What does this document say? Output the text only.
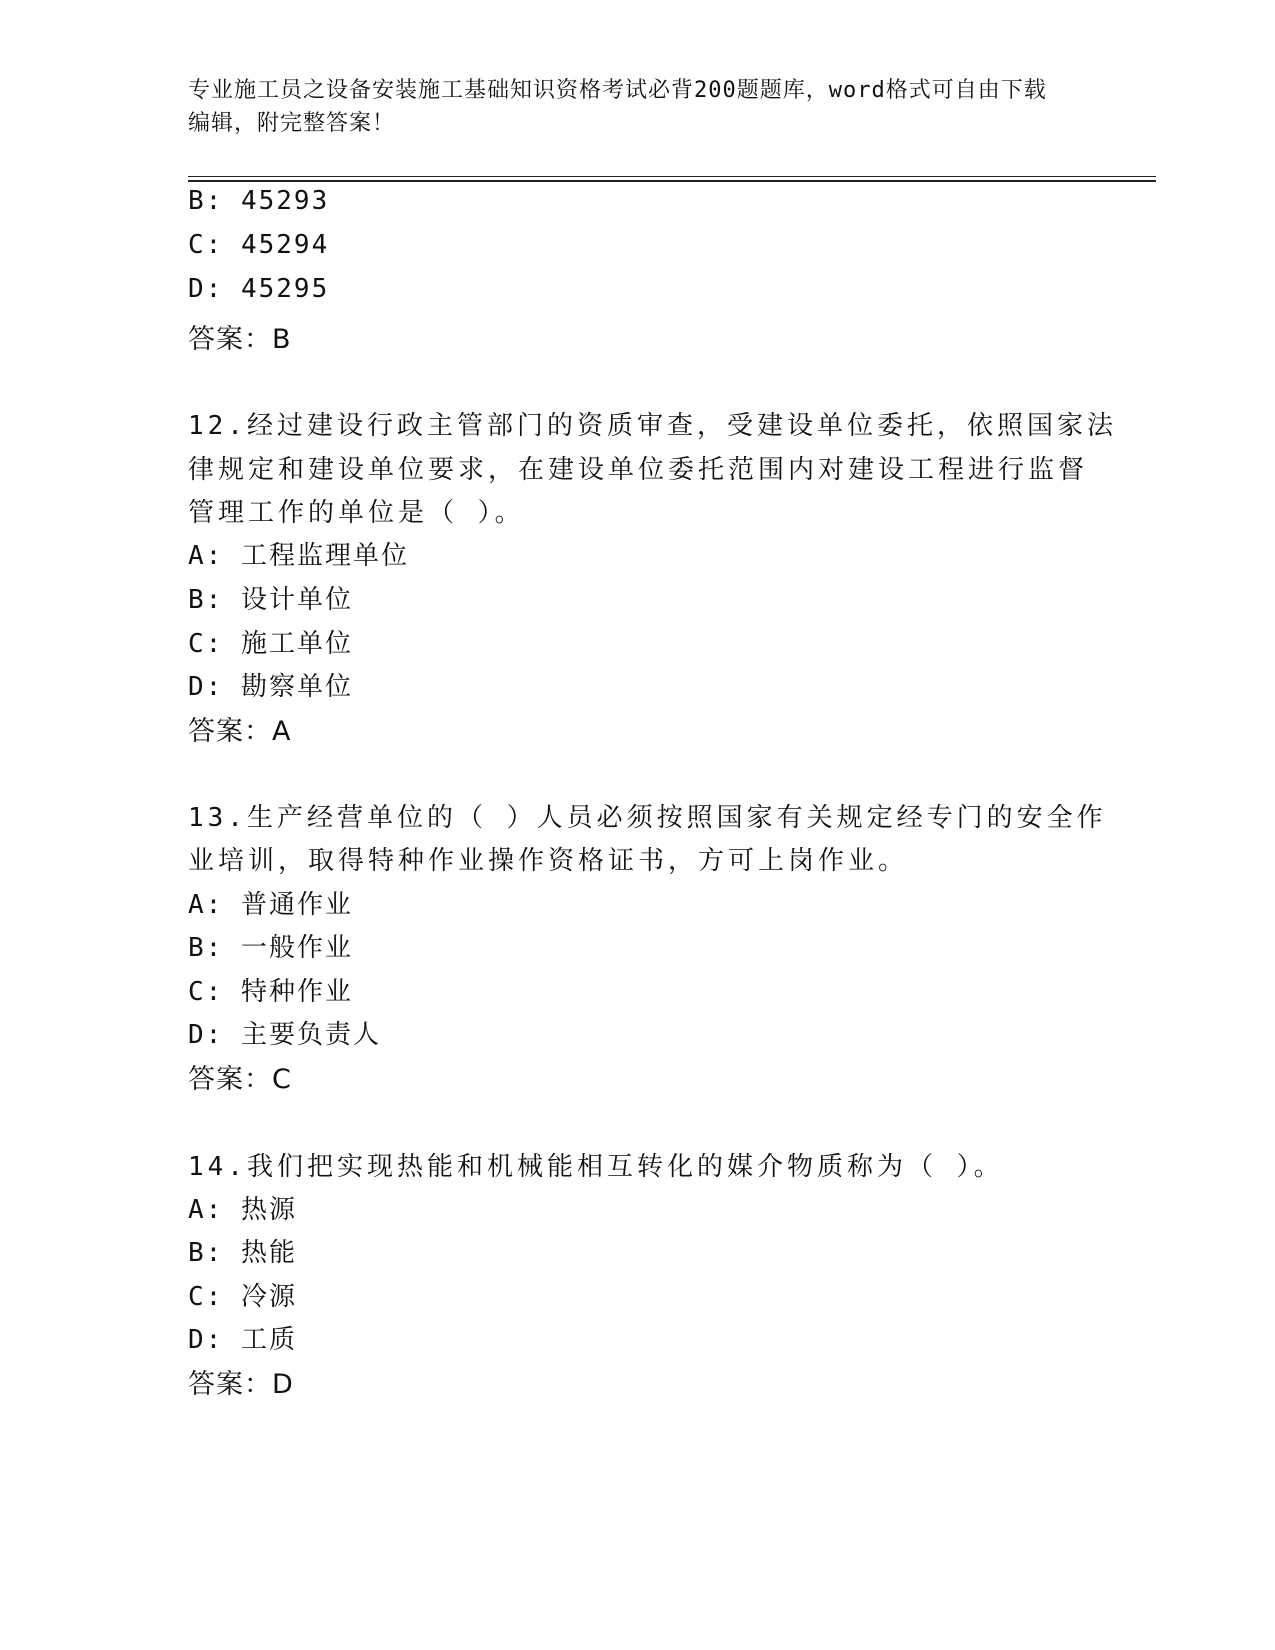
专业施工员之设备安装施工基础知识资格考试必背200题题库，word格式可自由下载编辑，附完整答案！
B: 45293
C: 45294
D: 45295
答案：B
12.经过建设行政主管部门的资质审查，受建设单位委托，依照国家法
律规定和建设单位要求，在建设单位委托范围内对建设工程进行监督
管理工作的单位是（ ）。
A: 工程监理单位
B: 设计单位
C: 施工单位
D: 勘察单位
答案：A
13.生产经营单位的（ ）人员必须按照国家有关规定经专门的安全作
业培训，取得特种作业操作资格证书，方可上岗作业。
A: 普通作业
B: 一般作业
C: 特种作业
D: 主要负责人
答案：C
14.我们把实现热能和机械能相互转化的媒介物质称为（ ）。
A: 热源
B: 热能
C: 冷源
D: 工质
答案：D
